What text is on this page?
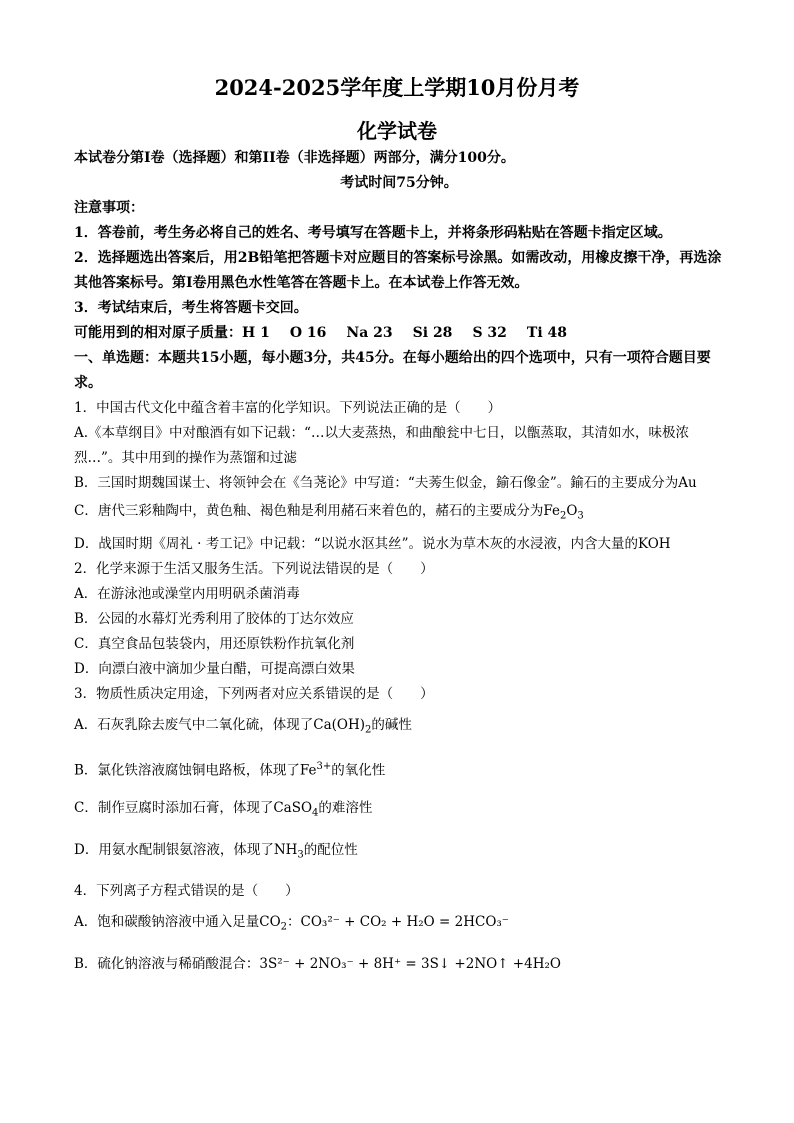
2024-2025学年度上学期10月份月考
化学试卷
本试卷分第I卷（选择题）和第II卷（非选择题）两部分，满分100分。
考试时间75分钟。
注意事项：
1．答卷前，考生务必将自己的姓名、考号填写在答题卡上，并将条形码粘贴在答题卡指定区域。
2．选择题选出答案后，用2B铅笔把答题卡对应题目的答案标号涂黑。如需改动，用橡皮擦干净，再选涂其他答案标号。第I卷用黑色水性笔答在答题卡上。在本试卷上作答无效。
3．考试结束后，考生将答题卡交回。
可能用到的相对原子质量：H 1 O 16 Na 23 Si 28 S 32 Ti 48
一、单选题：本题共15小题，每小题3分，共45分。在每小题给出的四个选项中，只有一项符合题目要求。
1．中国古代文化中蕴含着丰富的化学知识。下列说法正确的是（　　）
A.《本草纲目》中对酿酒有如下记载：“…以大麦蒸热，和曲酿瓮中七日，以甑蒸取，其清如水，味极浓
烈…”。其中用到的操作为蒸馏和过滤
B．三国时期魏国谋士、将领钟会在《刍荛论》中写道：“夫莠生似金，鍮石像金”。鍮石的主要成分为Au
C．唐代三彩釉陶中，黄色釉、褐色釉是利用赭石来着色的，赭石的主要成分为$Fe_2O_3$
D．战国时期《周礼 · 考工记》中记载：“以说水沤其丝”。说水为草木灰的水浸液，内含大量的KOH
2．化学来源于生活又服务生活。下列说法错误的是（　　）
A．在游泳池或澡堂内用明矾杀菌消毒
B．公园的水幕灯光秀利用了胶体的丁达尔效应
C．真空食品包装袋内，用还原铁粉作抗氧化剂
D．向漂白液中滴加少量白醋，可提高漂白效果
3．物质性质决定用途，下列两者对应关系错误的是（　　）
A．石灰乳除去废气中二氧化硫，体现了$Ca(OH)_2$的碱性
B．氯化铁溶液腐蚀铜电路板，体现了$Fe^{3+}$的氧化性
C．制作豆腐时添加石膏，体现了CaSO$_4$的难溶性
D．用氨水配制银氨溶液，体现了$NH_3$的配位性
4．下列离子方程式错误的是（　　）
A．饱和碳酸钠溶液中通入足量$CO_2$：CO₃²⁻ + CO₂ + H₂O = 2HCO₃⁻
B．硫化钠溶液与稀硝酸混合：3S²⁻ + 2NO₃⁻ + 8H⁺ = 3S↓ +2NO↑ +4H₂O
